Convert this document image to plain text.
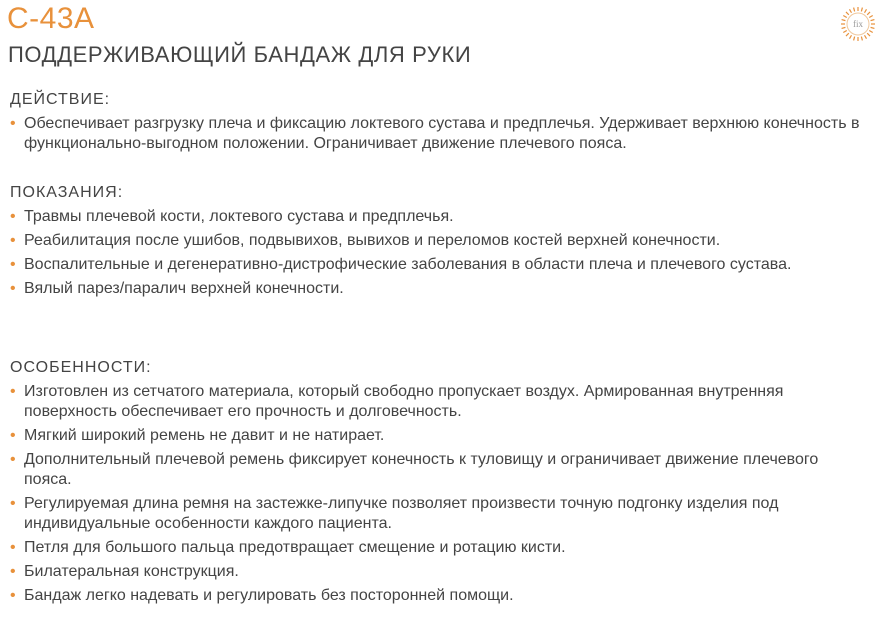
С-43А
ПОДДЕРЖИВАЮЩИЙ БАНДАЖ ДЛЯ РУКИ
fix
ДЕЙСТВИЕ:
• Обеспечивает разгрузку плеча и фиксацию локтевого сустава и предплечья. Удерживает верхнюю конечность в функционально-выгодном положении. Ограничивает движение плечевого пояса.
ПОКАЗАНИЯ:
• Травмы плечевой кости, локтевого сустава и предплечья.
• Реабилитация после ушибов, подвывихов, вывихов и переломов костей верхней конечности.
• Воспалительные и дегенеративно-дистрофические заболевания в области плеча и плечевого сустава.
• Вялый парез/паралич верхней конечности.
ОСОБЕННОСТИ:
• Изготовлен из сетчатого материала, который свободно пропускает воздух. Армированная внутренняя поверхность обеспечивает его прочность и долговечность.
• Мягкий широкий ремень не давит и не натирает.
• Дополнительный плечевой ремень фиксирует конечность к туловищу и ограничивает движение плечевого пояса.
• Регулируемая длина ремня на застежке-липучке позволяет произвести точную подгонку изделия под индивидуальные особенности каждого пациента.
• Петля для большого пальца предотвращает смещение и ротацию кисти.
• Билатеральная конструкция.
• Бандаж легко надевать и регулировать без посторонней помощи.
